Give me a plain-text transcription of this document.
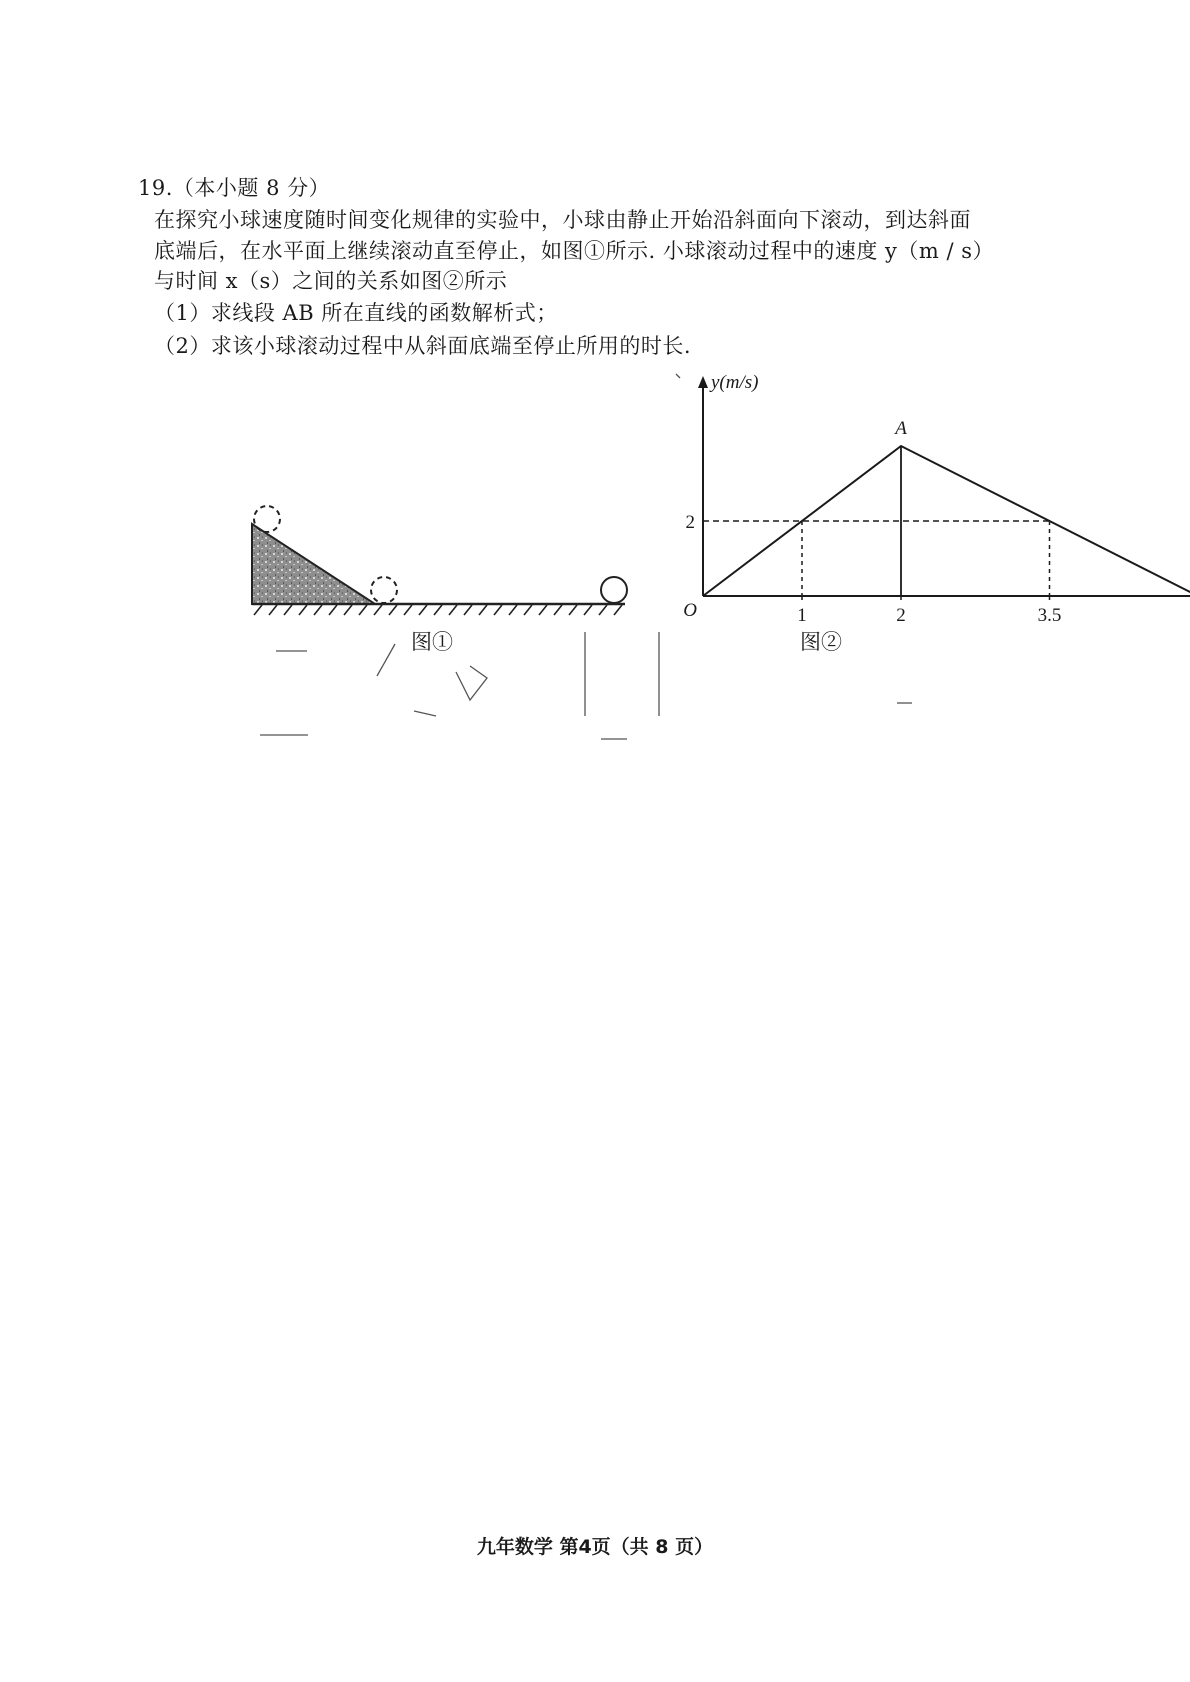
19.（本小题 8 分）
在探究小球速度随时间变化规律的实验中，小球由静止开始沿斜面向下滚动，到达斜面
底端后，在水平面上继续滚动直至停止，如图①所示. 小球滚动过程中的速度 y（m / s）
与时间 x（s）之间的关系如图②所示
（1）求线段 AB 所在直线的函数解析式；
（2）求该小球滚动过程中从斜面底端至停止所用的时长.
图①
y(m/s)
O
A
1	2	3.5
2
图②
九年数学 第4页（共 8 页）
